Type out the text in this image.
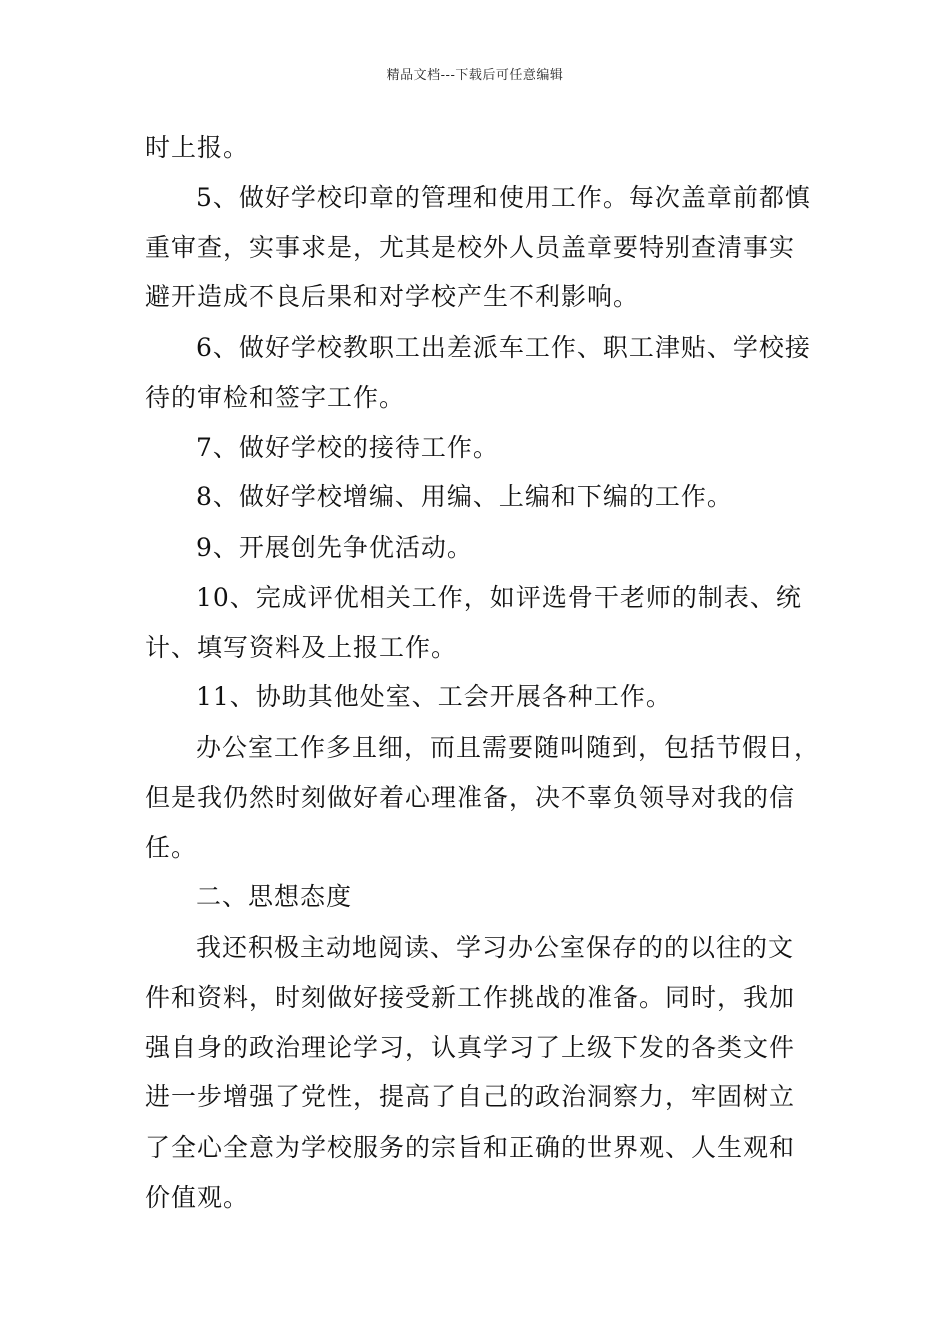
精品文档---下载后可任意编辑
时上报。
5、做好学校印章的管理和使用工作。每次盖章前都慎
重审查，实事求是，尤其是校外人员盖章要特别查清事实
避开造成不良后果和对学校产生不利影响。
6、做好学校教职工出差派车工作、职工津贴、学校接
待的审检和签字工作。
7、做好学校的接待工作。
8、做好学校增编、用编、上编和下编的工作。
9、开展创先争优活动。
10、完成评优相关工作，如评选骨干老师的制表、统
计、填写资料及上报工作。
11、协助其他处室、工会开展各种工作。
办公室工作多且细，而且需要随叫随到，包括节假日，
但是我仍然时刻做好着心理准备，决不辜负领导对我的信
任。
二、思想态度
我还积极主动地阅读、学习办公室保存的的以往的文
件和资料，时刻做好接受新工作挑战的准备。同时，我加
强自身的政治理论学习，认真学习了上级下发的各类文件
进一步增强了党性，提高了自己的政治洞察力，牢固树立
了全心全意为学校服务的宗旨和正确的世界观、人生观和
价值观。
